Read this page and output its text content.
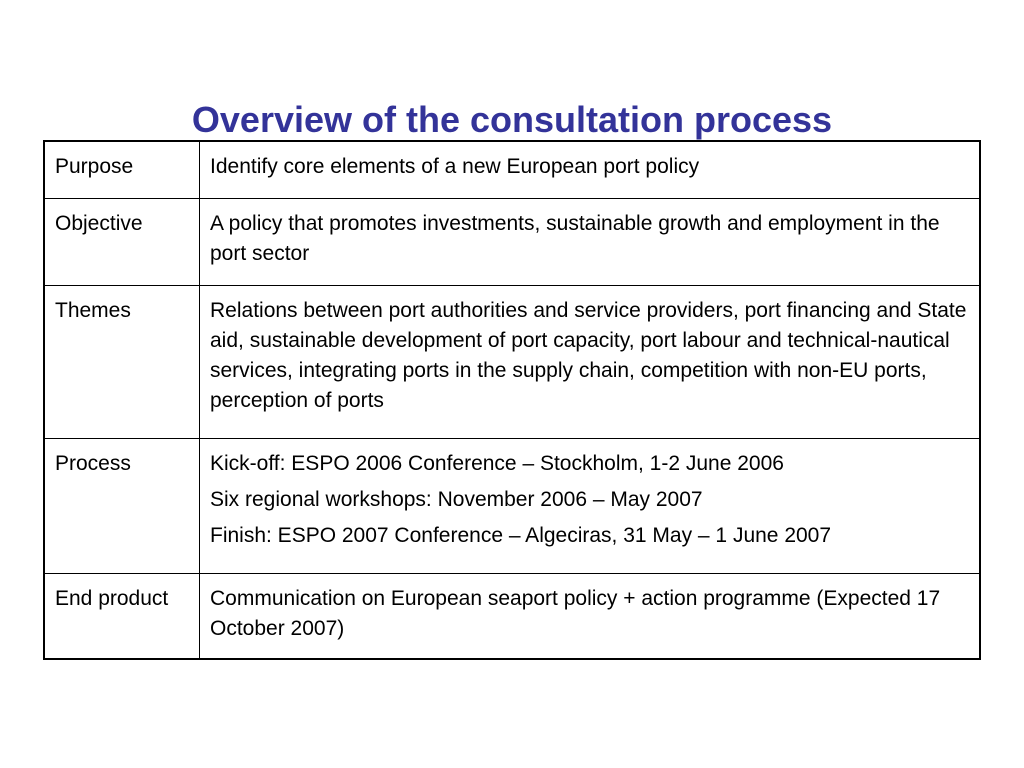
Overview of the consultation process
Purpose	Identify core elements of a new European port policy

Objective	A policy that promotes investments, sustainable growth and employment in the port sector

Themes	Relations between port authorities and service providers, port financing and State aid, sustainable development of port capacity, port labour and technical-nautical services, integrating ports in the supply chain, competition with non-EU ports, perception of ports

Process	Kick-off: ESPO 2006 Conference – Stockholm, 1-2 June 2006
Six regional workshops: November 2006 – May 2007
Finish: ESPO 2007 Conference – Algeciras, 31 May – 1 June 2007

End product	Communication on European seaport policy + action programme (Expected 17 October 2007)
